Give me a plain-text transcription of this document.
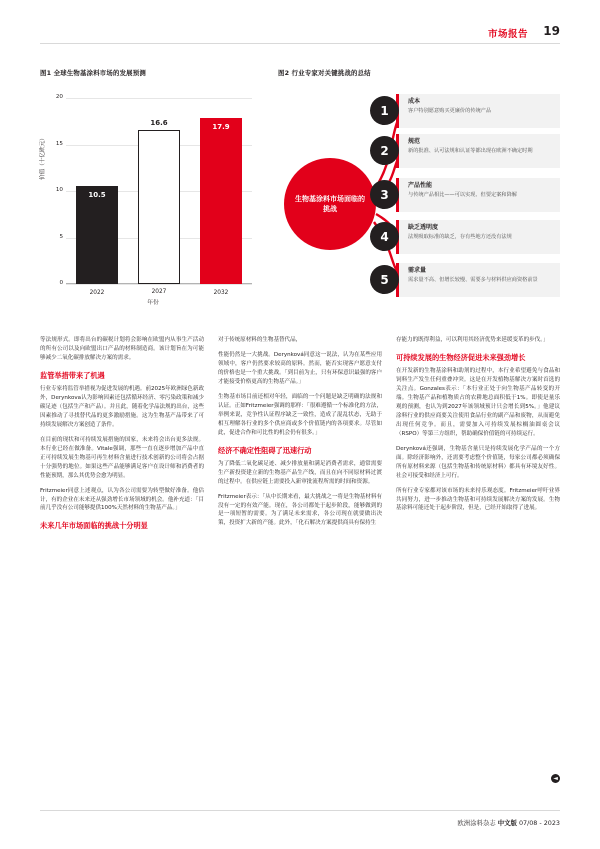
市场报告 19
图1 全球生物基涂料市场的发展预测	图2 行业专家对关键挑战的总结
价值（十亿欧元）
0
5
10
15
20
10.5
2022
16.6
2027
17.9
2032
年份
生物基涂料市场面临的挑战
成本
客户特别愿意购买更廉价的传统产品
1
规范
新的批准、认可法规和认证等都出现在欧洲不确定时期
2
产品性能
与传统产品相比——可以实现、但要定案和降解
3
缺乏透明度
法规吸取标准的缺乏，存有些地方还没有法规
4
需求量
需求量不高、但增长较慢、需要多与材料供应商资格前景
5

等法规形式。即将出台的碳税计划将会影响在欧盟内从事生产活动的所有公司以及向欧盟出口产品的材料制造商。该计划旨在为可能够减少二氧化碳排放解决方案的需求。

监管举措带来了机遇

行业专家将监管举措视为促进发展的机遇。前2025年欧洲绿色新政外，Derynkova认为影响因素还包括循环经济、零污染政策和减少碳足迹（包括生产和产品）。并且此，随着化学品法规的出台，这些因素推动了寻找替代品的更多激励措施。这为生物基产品带来了可持续发展解决方案创造了条件。

在目前的现状和可持续发展措施的国家，未来将会出台更多法规。本行业已经在做准备。Vitale强调，那些一直在逐步增加产品中直正可持续发展生物基可再生材料含量进行技术创新的公司将会占据十分强势的地位。如果这些产品能够满足客户在设计师和消费者的性能预期，那么其优势会愈为明显。

Fritzmeier同意上述观点，认为各公司需要为转型做好准备。他估计，有的企业在未来还从强劲增长市场领域的机会。他补充道：「目前几乎没有公司能够提供100%天然材料的生物基产品。」

未来几年市场面临的挑战十分明显

对于传统原材料的生物基替代品，

性能仍然是一大挑战。Derynková同意这一说法，认为在某些应用领域中，客户仍然要求较高的原料。然而，能否实现客户愿意支付的价格也是一个重大挑战。「到目前为止，只有环保意识最强的客户才能接受价格更高的生物基产品。」

生物基市场目前还相对年轻，面临的一个问题是缺乏明确的法规和认证。正如Fritzmeier强调的那样：「很难遵循一个标准化的方法，举例来说，竞争性认证程序缺乏一致性，造成了混乱状态，无助于相互理解各行业的多个供应商或多个价值链内的各项要求。尽管如此，促进合作和可比性的机会仍有很多。」

经济不确定性阻碍了迅速行动

为了降低二氧化碳足迹、减少排放量和满足消费者需求，通常需要生产新投资建立新的生物基产品生产线，而且在向不同原材料过渡的过程中。在供应链上需要投入新审批流程所需的时间和资源。

Fritzmeier表示：「从中长期来看，最大挑战之一将是生物基材料有没有一定的有效产能。现在，各公司都处于起步阶段，能够做到的是一项短暂的需要。为了满足未来需求，各公司现在就要做出决策，投资扩大新的产能。此外，「化石解决方案提供商具有保持生

存能力的既得利益，可以利用其经济优势来延缓变革的步伐。」

可持续发展的生物经济促进未来强劲增长

在开发新的生物基涂料和助剂的过程中，本行业希望避免与食品和饲料生产发生任何重叠冲突。这是在开发植物基解决方案时首选的关注点。Gonzales表示：「本行业正处于向生物基产品转变的开端。生物基产品和植物质占的农耕地总面积低于1%。即使是量乐观的预测，也认为到2027年该领域预计只会增长到5%。」他建议涂料行业的供应商要关注使用食品行业的副产品和废物，从而避免出现任何竞争。而且，需要加入可持续发展棕榈油圆桌会议（RSPO）等第三方组织，帮助确保价值链的可持续运行。

Derynková还强调，生物基含量只是持续发展化学产品的一个方面。除经济影响外，还需要考虑整个价值链，每家公司都必须确保所有原材料来源（包括生物基和传统原材料）都具有环境友好性。社会可接受和经济上可行。

所有行业专家都对该市场的未来持乐观态度。Fritzmeier呼吁业界共同努力，进一步推动生物基和可持续发展解决方案的发展。生物基涂料可能还处于起步阶段，但是，已经开始取得了进展。

◄
欧洲涂料杂志 中文版 07/08 - 2023
